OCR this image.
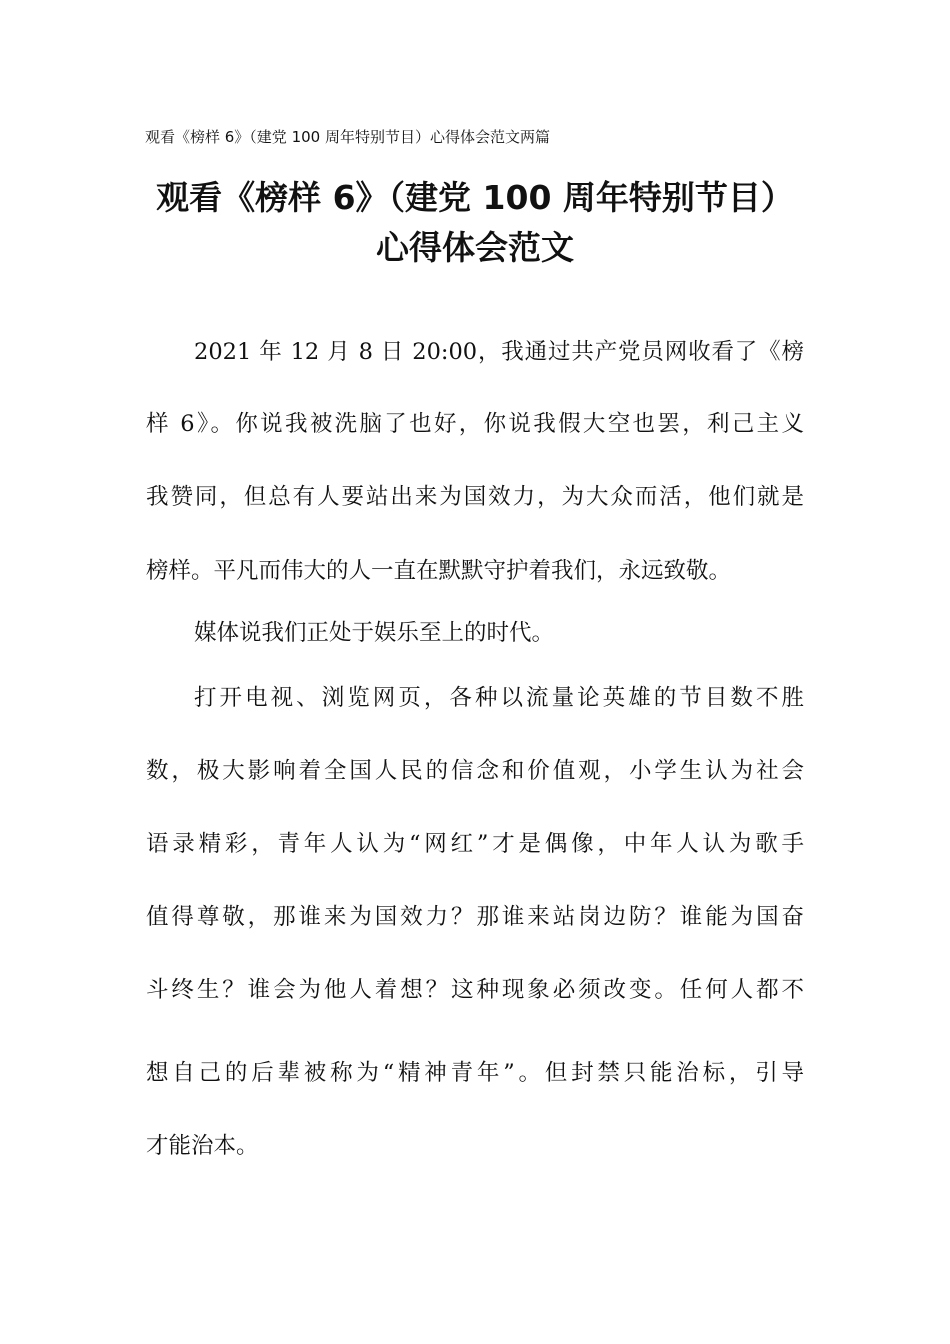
观看《榜样 6》（建党 100 周年特别节目）心得体会范文两篇
观看《榜样 6》（建党 100 周年特别节目）
心得体会范文
2021 年 12 月 8 日 20:00，我通过共产党员网收看了《榜
样 6》。你说我被洗脑了也好，你说我假大空也罢，利己主义
我赞同，但总有人要站出来为国效力，为大众而活，他们就是
榜样。平凡而伟大的人一直在默默守护着我们，永远致敬。
媒体说我们正处于娱乐至上的时代。
打开电视、浏览网页，各种以流量论英雄的节目数不胜
数，极大影响着全国人民的信念和价值观，小学生认为社会
语录精彩，青年人认为“网红”才是偶像，中年人认为歌手
值得尊敬，那谁来为国效力？那谁来站岗边防？谁能为国奋
斗终生？谁会为他人着想？这种现象必须改变。任何人都不
想自己的后辈被称为“精神青年”。但封禁只能治标，引导
才能治本。
